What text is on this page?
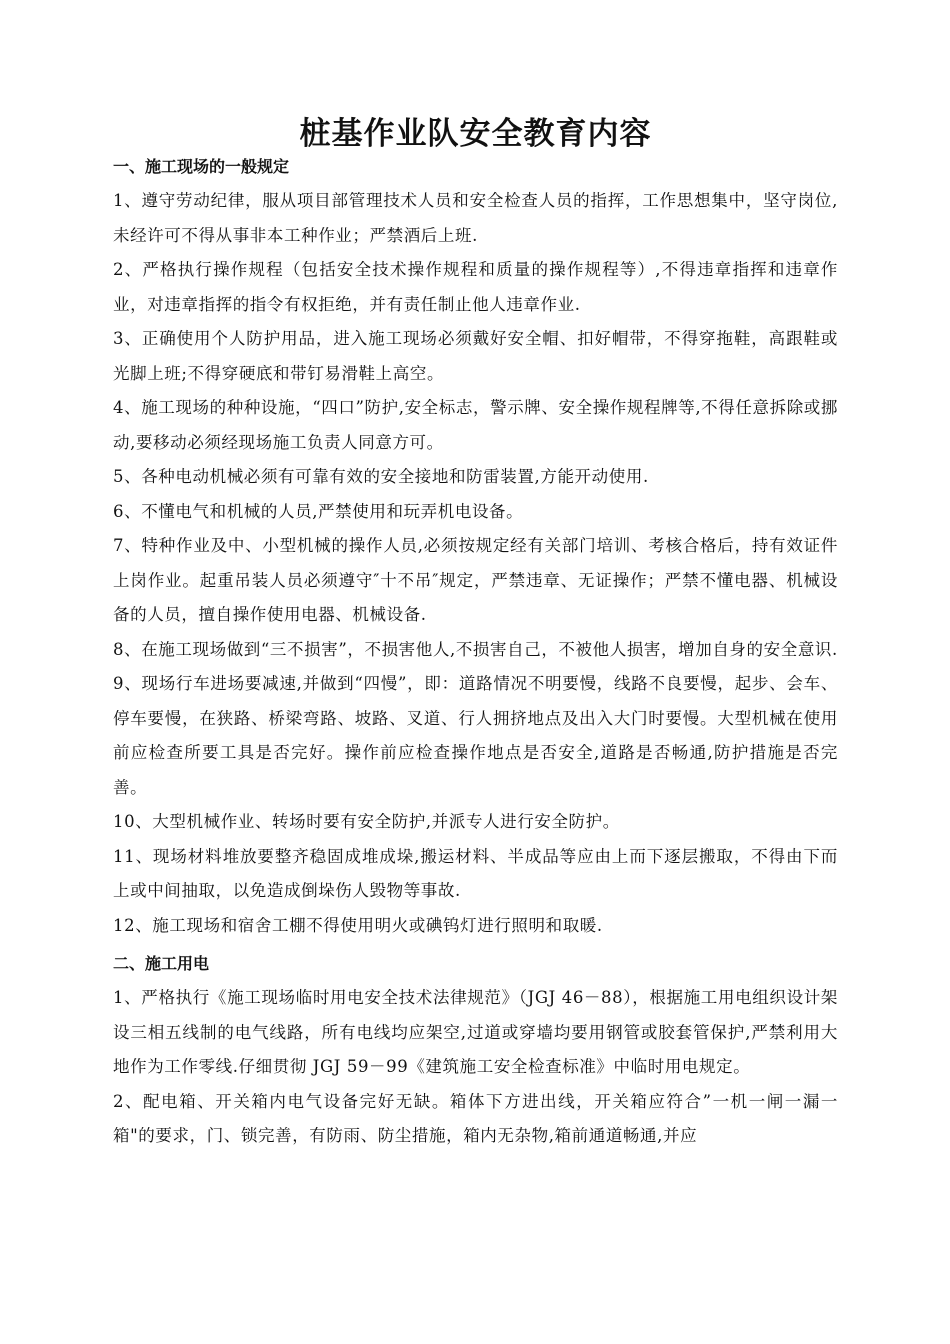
桩基作业队安全教育内容
一、施工现场的一般规定

1、遵守劳动纪律，服从项目部管理技术人员和安全检查人员的指挥，工作思想集中，坚守岗位,未经许可不得从事非本工种作业；严禁酒后上班.

2、严格执行操作规程（包括安全技术操作规程和质量的操作规程等）,不得违章指挥和违章作业，对违章指挥的指令有权拒绝，并有责任制止他人违章作业.

3、正确使用个人防护用品，进入施工现场必须戴好安全帽、扣好帽带，不得穿拖鞋，高跟鞋或光脚上班;不得穿硬底和带钉易滑鞋上高空。

4、施工现场的种种设施，“四口”防护,安全标志，警示牌、安全操作规程牌等,不得任意拆除或挪动,要移动必须经现场施工负责人同意方可。

5、各种电动机械必须有可靠有效的安全接地和防雷装置,方能开动使用.

6、不懂电气和机械的人员,严禁使用和玩弄机电设备。

7、特种作业及中、小型机械的操作人员,必须按规定经有关部门培训、考核合格后，持有效证件上岗作业。起重吊装人员必须遵守″十不吊″规定，严禁违章、无证操作；严禁不懂电器、机械设备的人员，擅自操作使用电器、机械设备.

8、在施工现场做到“三不损害”，不损害他人,不损害自己，不被他人损害，增加自身的安全意识.

9、现场行车进场要减速,并做到“四慢”，即：道路情况不明要慢，线路不良要慢，起步、会车、停车要慢，在狭路、桥梁弯路、坡路、叉道、行人拥挤地点及出入大门时要慢。大型机械在使用前应检查所要工具是否完好。操作前应检查操作地点是否安全,道路是否畅通,防护措施是否完善。

10、大型机械作业、转场时要有安全防护,并派专人进行安全防护。

11、现场材料堆放要整齐稳固成堆成垛,搬运材料、半成品等应由上而下逐层搬取，不得由下而上或中间抽取，以免造成倒垛伤人毁物等事故.

12、施工现场和宿舍工棚不得使用明火或碘钨灯进行照明和取暖.

二、施工用电

1、严格执行《施工现场临时用电安全技术法律规范》（JGJ 46－88），根据施工用电组织设计架设三相五线制的电气线路，所有电线均应架空,过道或穿墙均要用钢管或胶套管保护,严禁利用大地作为工作零线.仔细贯彻 JGJ 59－99《建筑施工安全检查标准》中临时用电规定。

2、配电箱、开关箱内电气设备完好无缺。箱体下方进出线，开关箱应符合”一机一闸一漏一箱"的要求，门、锁完善，有防雨、防尘措施，箱内无杂物,箱前通道畅通,并应
